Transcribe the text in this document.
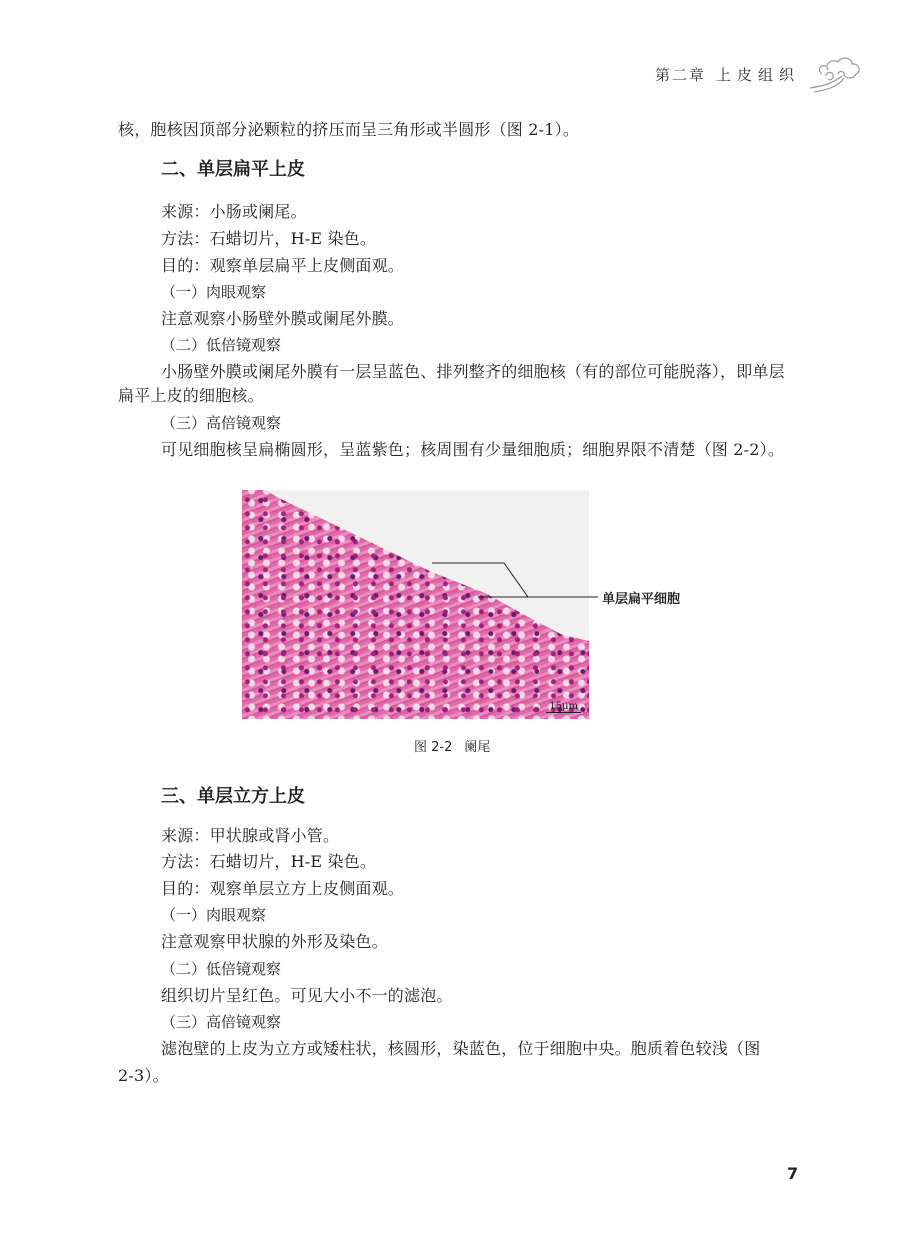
第二章 上皮组织
核，胞核因顶部分泌颗粒的挤压而呈三角形或半圆形（图 2-1）。
二、单层扁平上皮
来源：小肠或阑尾。
方法：石蜡切片，H-E 染色。
目的：观察单层扁平上皮侧面观。
（一）肉眼观察
注意观察小肠壁外膜或阑尾外膜。
（二）低倍镜观察
小肠壁外膜或阑尾外膜有一层呈蓝色、排列整齐的细胞核（有的部位可能脱落），即单层
扁平上皮的细胞核。
（三）高倍镜观察
可见细胞核呈扁椭圆形，呈蓝紫色；核周围有少量细胞质；细胞界限不清楚（图 2-2）。
15μm
单层扁平细胞
图 2-2 阑尾
三、单层立方上皮
来源：甲状腺或肾小管。
方法：石蜡切片，H-E 染色。
目的：观察单层立方上皮侧面观。
（一）肉眼观察
注意观察甲状腺的外形及染色。
（二）低倍镜观察
组织切片呈红色。可见大小不一的滤泡。
（三）高倍镜观察
滤泡壁的上皮为立方或矮柱状，核圆形，染蓝色，位于细胞中央。胞质着色较浅（图
2-3）。
7
